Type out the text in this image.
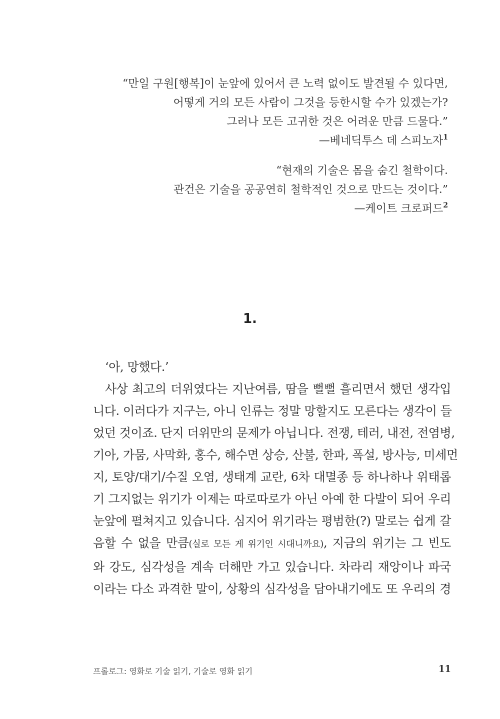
“만일 구원[행복]이 눈앞에 있어서 큰 노력 없이도 발견될 수 있다면,

어떻게 거의 모든 사람이 그것을 등한시할 수가 있겠는가?

그러나 모든 고귀한 것은 어려운 만큼 드물다.”

—베네딕투스 데 스피노자$^1$

“현재의 기술은 몸을 숨긴 철학이다.

관건은 기술을 공공연히 철학적인 것으로 만드는 것이다.”

—케이트 크로퍼드$^2$

1.
‘아, 망했다.’
사상 최고의 더위였다는 지난여름, 땀을 뻘뻘 흘리면서 했던 생각입
니다. 이러다가 지구는, 아니 인류는 정말 망할지도 모른다는 생각이 들
었던 것이죠. 단지 더위만의 문제가 아닙니다. 전쟁, 테러, 내전, 전염병,
기아, 가뭄, 사막화, 홍수, 해수면 상승, 산불, 한파, 폭설, 방사능, 미세먼
지, 토양/대기/수질 오염, 생태계 교란, 6차 대멸종 등 하나하나 위태롭
기 그지없는 위기가 이제는 따로따로가 아닌 아예 한 다발이 되어 우리
눈앞에 펼쳐지고 있습니다. 심지어 위기라는 평범한(?) 말로는 쉽게 갈
음할 수 없을 만큼(실로 모든 게 위기인 시대니까요), 지금의 위기는 그 빈도
와 강도, 심각성을 계속 더해만 가고 있습니다. 차라리 재앙이나 파국
이라는 다소 과격한 말이, 상황의 심각성을 담아내기에도 또 우리의 경
프롤로그: 영화로 기술 읽기, 기술로 영화 읽기	11
